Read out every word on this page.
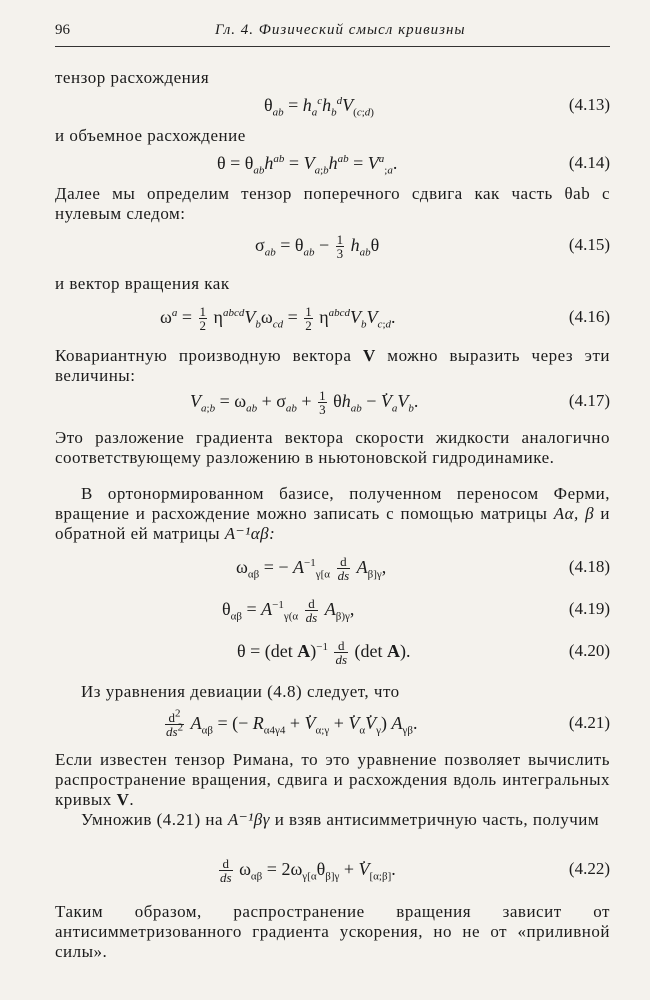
96	Гл. 4. Физический смысл кривизны

тензор расхождения

$\theta_{ab} = h_a^ch_b^dV_{(c;d)}$	(4.13)

и объемное расхождение

$\theta = \theta_{ab}h^{ab} = V_{a;b}h^{ab} = V^a_{;a}$.	(4.14)

Далее мы определим тензор поперечного сдвига как часть θab с нулевым следом:

$\sigma_{ab} = \theta_{ab} - \frac{1}{3} h_{ab}\theta$	(4.15)

и вектор вращения как

$\omega^a = \frac{1}{2} \eta^{abcd}V_b\omega_{cd} = \frac{1}{2} \eta^{abcd}V_bV_{c;d}$.	(4.16)

Ковариантную производную вектора V можно выразить через эти величины:

$V_{a;b} = \omega_{ab} + \sigma_{ab} + \frac{1}{3} \theta h_{ab}$ − . $V_aV_b$.	(4.17)

Это разложение градиента вектора скорости жидкости аналогично соответствующему разложению в ньютоновской гидродинамике.

В ортонормированном базисе, полученном переносом Ферми, вращение и расхождение можно записать с помощью матрицы Aα, β и обратной ей матрицы A⁻¹αβ:

$\omega_{\alpha\beta}$ = − $A^{-1}_{\gamma[\alpha} \frac{d}{ds} A_{\beta]\gamma}$,	(4.18)
$\theta_{\alpha\beta} = A^{-1}_{\gamma(\alpha} \frac{d}{ds} A_{\beta)\gamma}$,	(4.19)
θ = (det $A)^{-1} \frac{d}{ds} (\det$ A).	(4.20)

Из уравнения девиации (4.8) следует, что

$\frac{d^2}{ds^2} A_{\alpha\beta}$ = (− $R_{\alpha 4\gamma 4}$ + . $V_{\alpha;\gamma}$ + . $V_\alpha$. $V_\gamma$) $A_{\gamma\beta}$.	(4.21)

Если известен тензор Римана, то это уравнение позволяет вычислить распространение вращения, сдвига и расхождения вдоль интегральных кривых V.

Умножив (4.21) на A⁻¹βγ и взяв антисимметричную часть, получим

$\frac{d}{ds} \omega_{\alpha\beta} = 2\omega_{\gamma[\alpha}\theta_{\beta]\gamma}$ + . $V_{[\alpha;\beta]}$.	(4.22)

Таким образом, распространение вращения зависит от антисимметризованного градиента ускорения, но не от «приливной силы».
